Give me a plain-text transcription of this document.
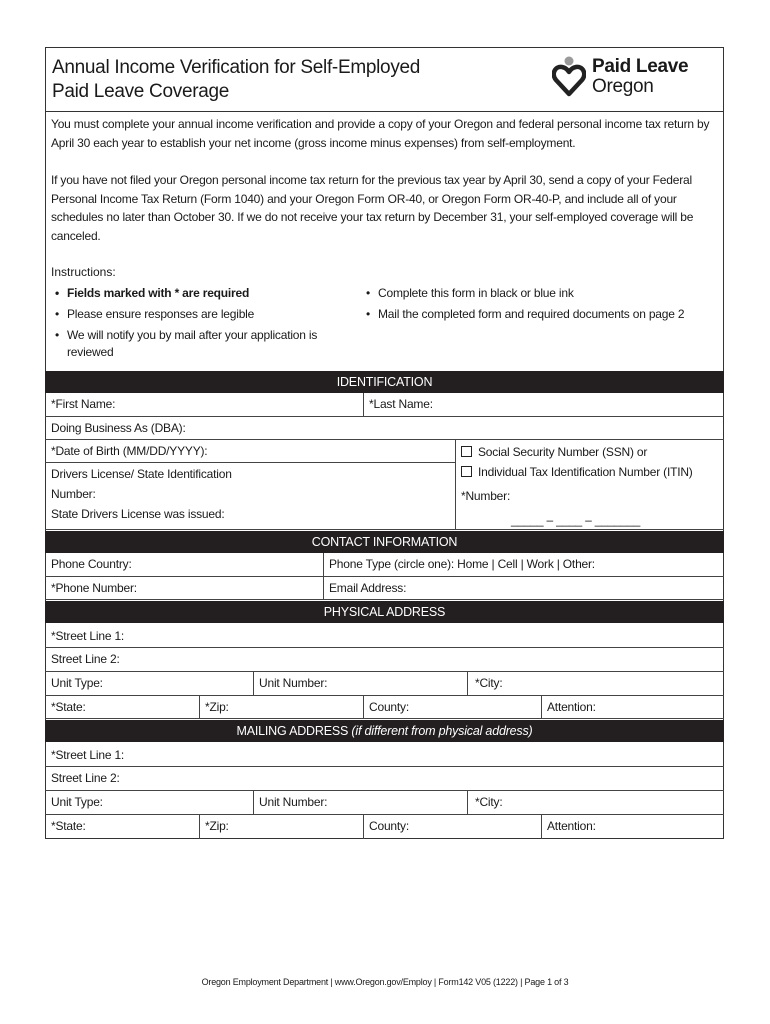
Annual Income Verification for Self-Employed
Paid Leave Coverage
Paid Leave
Oregon
You must complete your annual income verification and provide a copy of your Oregon and federal personal income tax return by April 30 each year to establish your net income (gross income minus expenses) from self-employment.
If you have not filed your Oregon personal income tax return for the previous tax year by April 30, send a copy of your Federal Personal Income Tax Return (Form 1040) and your Oregon Form OR-40, or Oregon Form OR-40-P, and include all of your schedules no later than October 30. If we do not receive your tax return by December 31, your self-employed coverage will be canceled.
Instructions:
• Fields marked with * are required
• Please ensure responses are legible
• We will notify you by mail after your application is reviewed
• Complete this form in black or blue ink
• Mail the completed form and required documents on page 2
IDENTIFICATION
*First Name:	*Last Name:
Doing Business As (DBA):
*Date of Birth (MM/DD/YYYY):
Drivers License/ State Identification
Number:
State Drivers License was issued:
Social Security Number (SSN) or
Individual Tax Identification Number (ITIN)
*Number:
_____ – ____ – _______
CONTACT INFORMATION
Phone Country:	Phone Type (circle one): Home | Cell | Work | Other:
*Phone Number:	Email Address:
PHYSICAL ADDRESS
*Street Line 1:
Street Line 2:
Unit Type:	Unit Number:	*City:
*State:	*Zip:	County:	Attention:
MAILING ADDRESS (if different from physical address)
*Street Line 1:
Street Line 2:
Unit Type:	Unit Number:	*City:
*State:	*Zip:	County:	Attention:
Oregon Employment Department | www.Oregon.gov/Employ | Form142 V05 (1222) | Page 1 of 3
